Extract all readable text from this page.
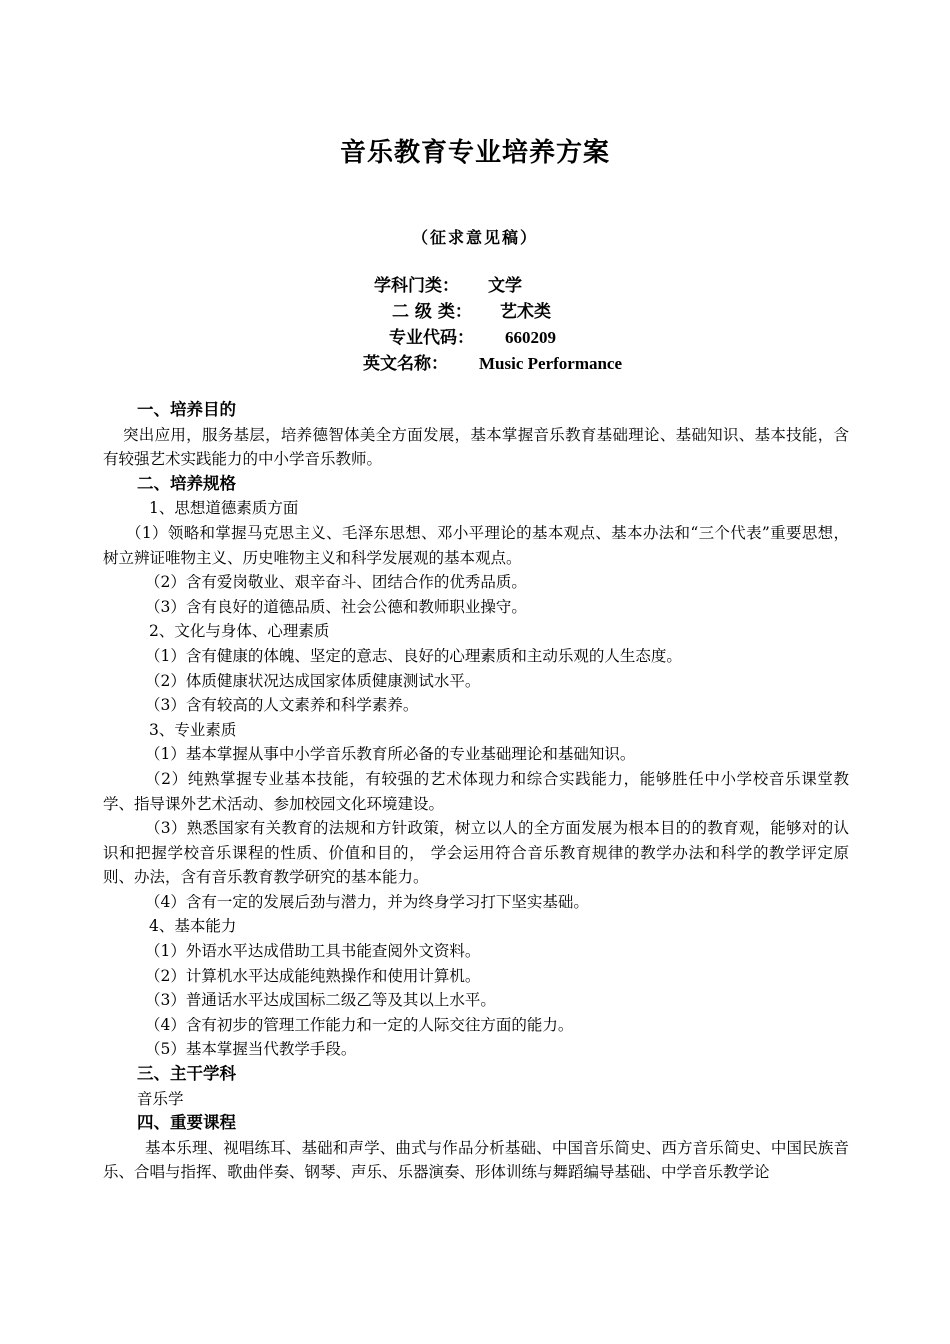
音乐教育专业培养方案
（征求意见稿）
学科门类： 文学
二 级 类： 艺术类
专业代码： 660209
英文名称： Music Performance

一、培养目的

突出应用，服务基层，培养德智体美全方面发展，基本掌握音乐教育基础理论、基础知识、基本技能，含有较强艺术实践能力的中小学音乐教师。

二、培养规格

1、思想道德素质方面

（1）领略和掌握马克思主义、毛泽东思想、邓小平理论的基本观点、基本办法和“三个代表”重要思想，树立辨证唯物主义、历史唯物主义和科学发展观的基本观点。

（2）含有爱岗敬业、艰辛奋斗、团结合作的优秀品质。

（3）含有良好的道德品质、社会公德和教师职业操守。

2、文化与身体、心理素质

（1）含有健康的体魄、坚定的意志、良好的心理素质和主动乐观的人生态度。

（2）体质健康状况达成国家体质健康测试水平。

（3）含有较高的人文素养和科学素养。

3、专业素质

（1）基本掌握从事中小学音乐教育所必备的专业基础理论和基础知识。

（2）纯熟掌握专业基本技能，有较强的艺术体现力和综合实践能力，能够胜任中小学校音乐课堂教学、指导课外艺术活动、参加校园文化环境建设。

（3）熟悉国家有关教育的法规和方针政策，树立以人的全方面发展为根本目的的教育观，能够对的认识和把握学校音乐课程的性质、价值和目的， 学会运用符合音乐教育规律的教学办法和科学的教学评定原则、办法，含有音乐教育教学研究的基本能力。

（4）含有一定的发展后劲与潜力，并为终身学习打下坚实基础。

4、基本能力

（1）外语水平达成借助工具书能查阅外文资料。

（2）计算机水平达成能纯熟操作和使用计算机。

（3）普通话水平达成国标二级乙等及其以上水平。

（4）含有初步的管理工作能力和一定的人际交往方面的能力。

（5）基本掌握当代教学手段。

三、主干学科

音乐学

四、重要课程

基本乐理、视唱练耳、基础和声学、曲式与作品分析基础、中国音乐简史、西方音乐简史、中国民族音乐、合唱与指挥、歌曲伴奏、钢琴、声乐、乐器演奏、形体训练与舞蹈编导基础、中学音乐教学论
